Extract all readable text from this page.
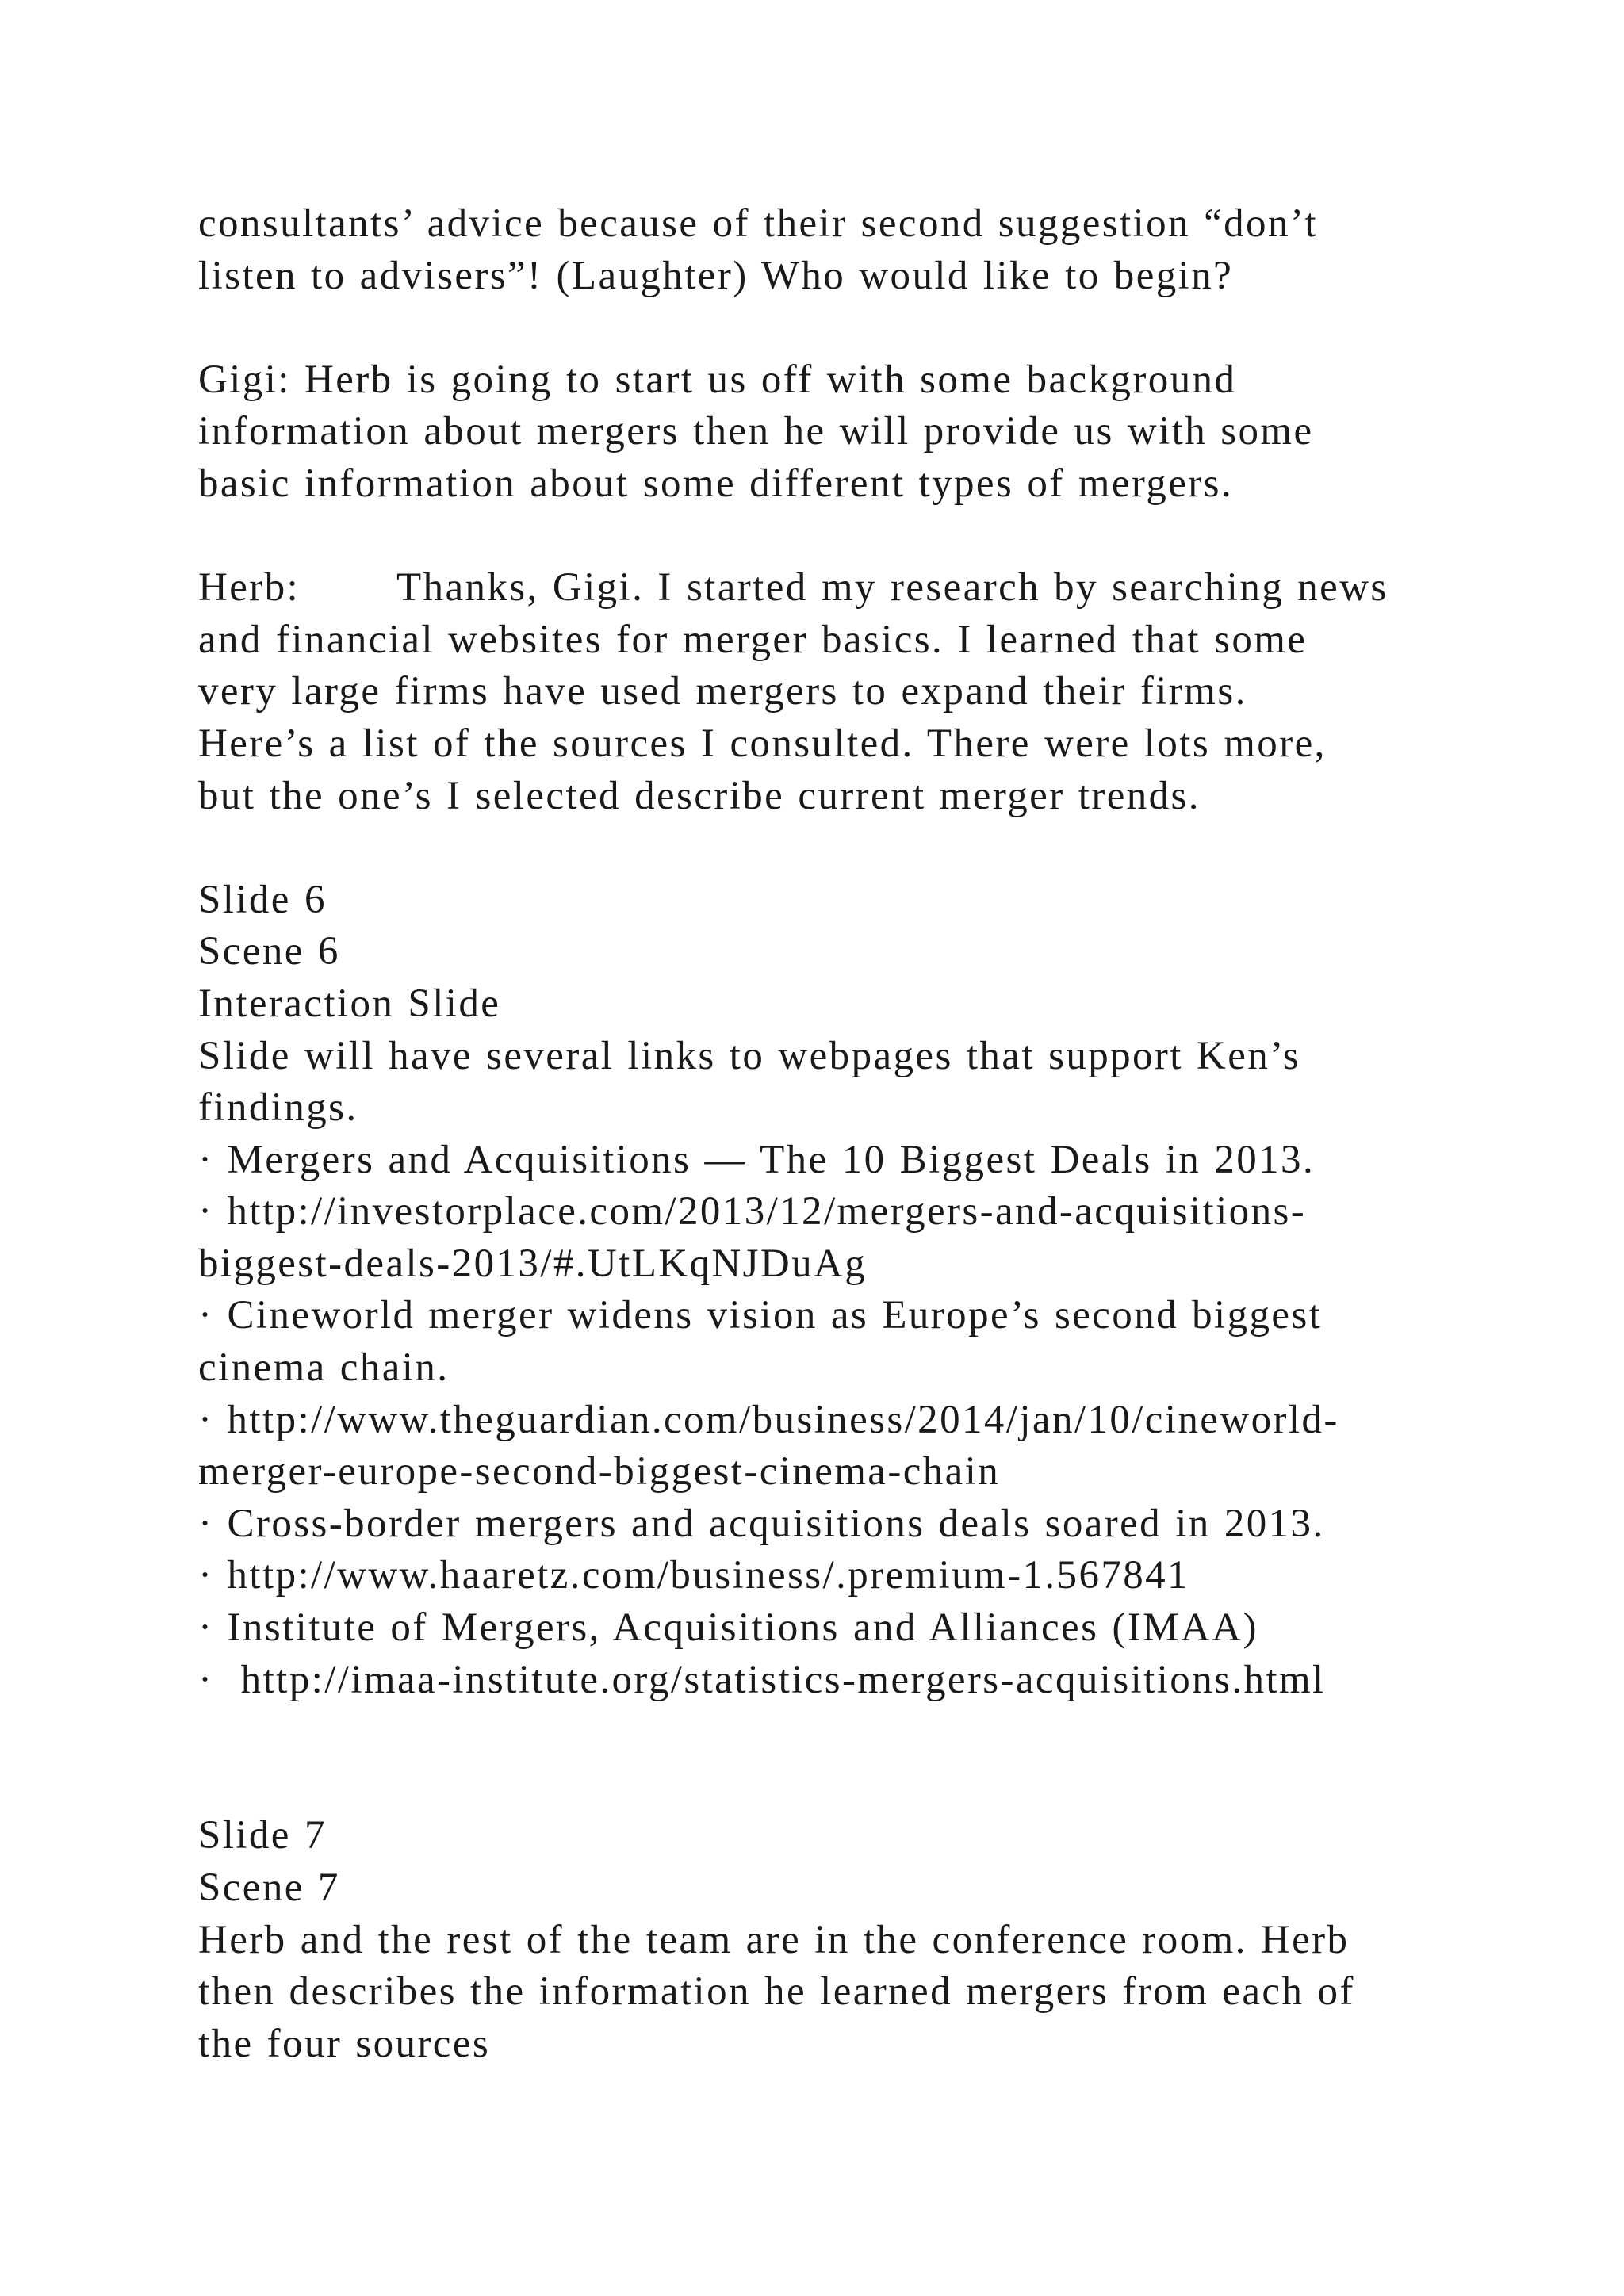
consultants’ advice because of their second suggestion “don’t
listen to advisers”! (Laughter) Who would like to begin?
Gigi: Herb is going to start us off with some background
information about mergers then he will provide us with some
basic information about some different types of mergers.
Herb: Thanks, Gigi. I started my research by searching news
and financial websites for merger basics. I learned that some
very large firms have used mergers to expand their firms.
Here’s a list of the sources I consulted. There were lots more,
but the one’s I selected describe current merger trends.
Slide 6
Scene 6
Interaction Slide
Slide will have several links to webpages that support Ken’s
findings.
· Mergers and Acquisitions — The 10 Biggest Deals in 2013.
· http://investorplace.com/2013/12/mergers-and-acquisitions-
biggest-deals-2013/#.UtLKqNJDuAg
· Cineworld merger widens vision as Europe’s second biggest
cinema chain.
· http://www.theguardian.com/business/2014/jan/10/cineworld-
merger-europe-second-biggest-cinema-chain
· Cross-border mergers and acquisitions deals soared in 2013.
· http://www.haaretz.com/business/.premium-1.567841
· Institute of Mergers, Acquisitions and Alliances (IMAA)
·  http://imaa-institute.org/statistics-mergers-acquisitions.html
Slide 7
Scene 7
Herb and the rest of the team are in the conference room. Herb
then describes the information he learned mergers from each of
the four sources
